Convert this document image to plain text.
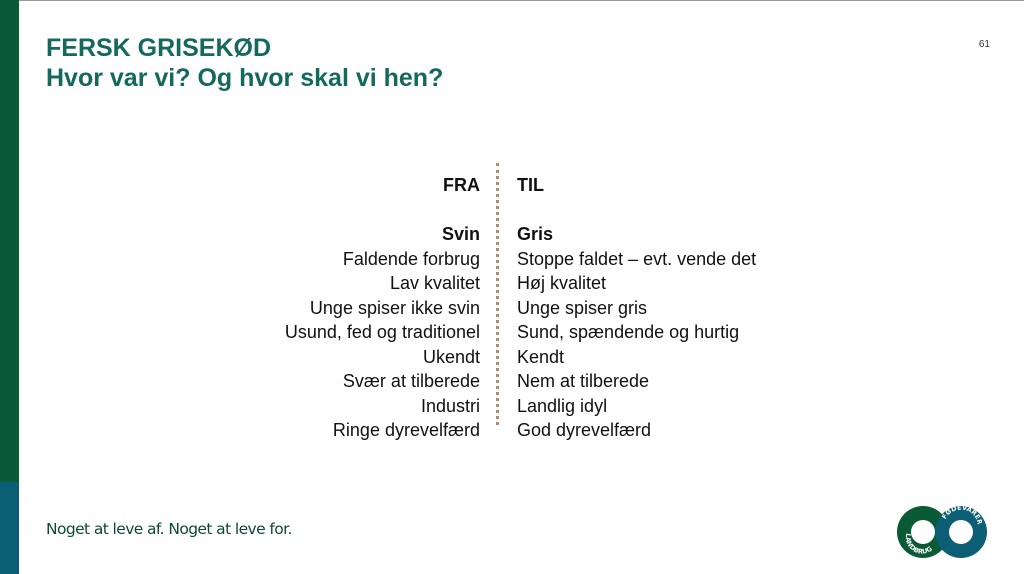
FERSK GRISEKØD
Hvor var vi? Og hvor skal vi hen?
61
FRA
Svin
Faldende forbrug
Lav kvalitet
Unge spiser ikke svin
Usund, fed og traditionel
Ukendt
Svær at tilberede
Industri
Ringe dyrevelfærd
TIL
Gris
Stoppe faldet – evt. vende det
Høj kvalitet
Unge spiser gris
Sund, spændende og hurtig
Kendt
Nem at tilberede
Landlig idyl
God dyrevelfærd
Noget at leve af. Noget at leve for.	LANDBRUG
FØDEVARER
